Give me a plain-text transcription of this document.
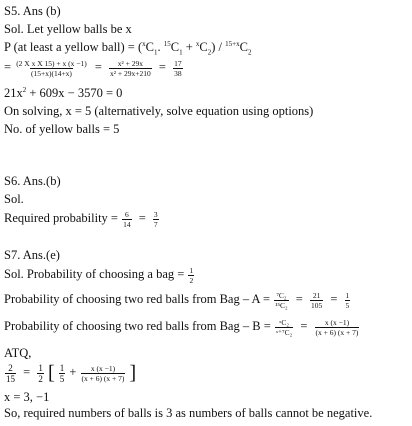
S5. Ans (b)
Sol. Let yellow balls be x
P (at least a yellow ball) = ($^xC_1$. $^{15}C_1 + ^xC_2) / ^{15+x}C_2$
= $\frac{\text{(2 X x X 15) + x (x −1)}}{(15+x)(14+x)} = \frac{\text{x² + 29x}}{\text{x² + 29x+210}} = \frac{17}{38}$
$21x^2 + 609x - 3570 = 0$
On solving, x = 5 (alternatively, solve equation using options)
No. of yellow balls = 5
S6. Ans.(b)
Sol.
Required probability = $\frac{6}{14} = \frac{3}{7}$
S7. Ans.(e)
Sol. Probability of choosing a bag = $\frac{1}{2}$
Probability of choosing two red balls from Bag – $A = \frac{\text{⁷C₂}}{\text{¹⁵C₂}} = \frac{21}{105} = \frac{1}{5}$
Probability of choosing two red balls from Bag – $B = \frac{\text{ˣC₂}}{\text{ˣ⁺⁷C₂}} = \frac{x (x -1)}{(x + 6) (x + 7)}$
ATQ,
$\frac{2}{15} = \frac{1}{2}$ [ $\frac{1}{5} + \frac{x (x -1)}{(x + 6) (x + 7)}$ ]
x = 3, −1
So, required numbers of balls is 3 as numbers of balls cannot be negative.
